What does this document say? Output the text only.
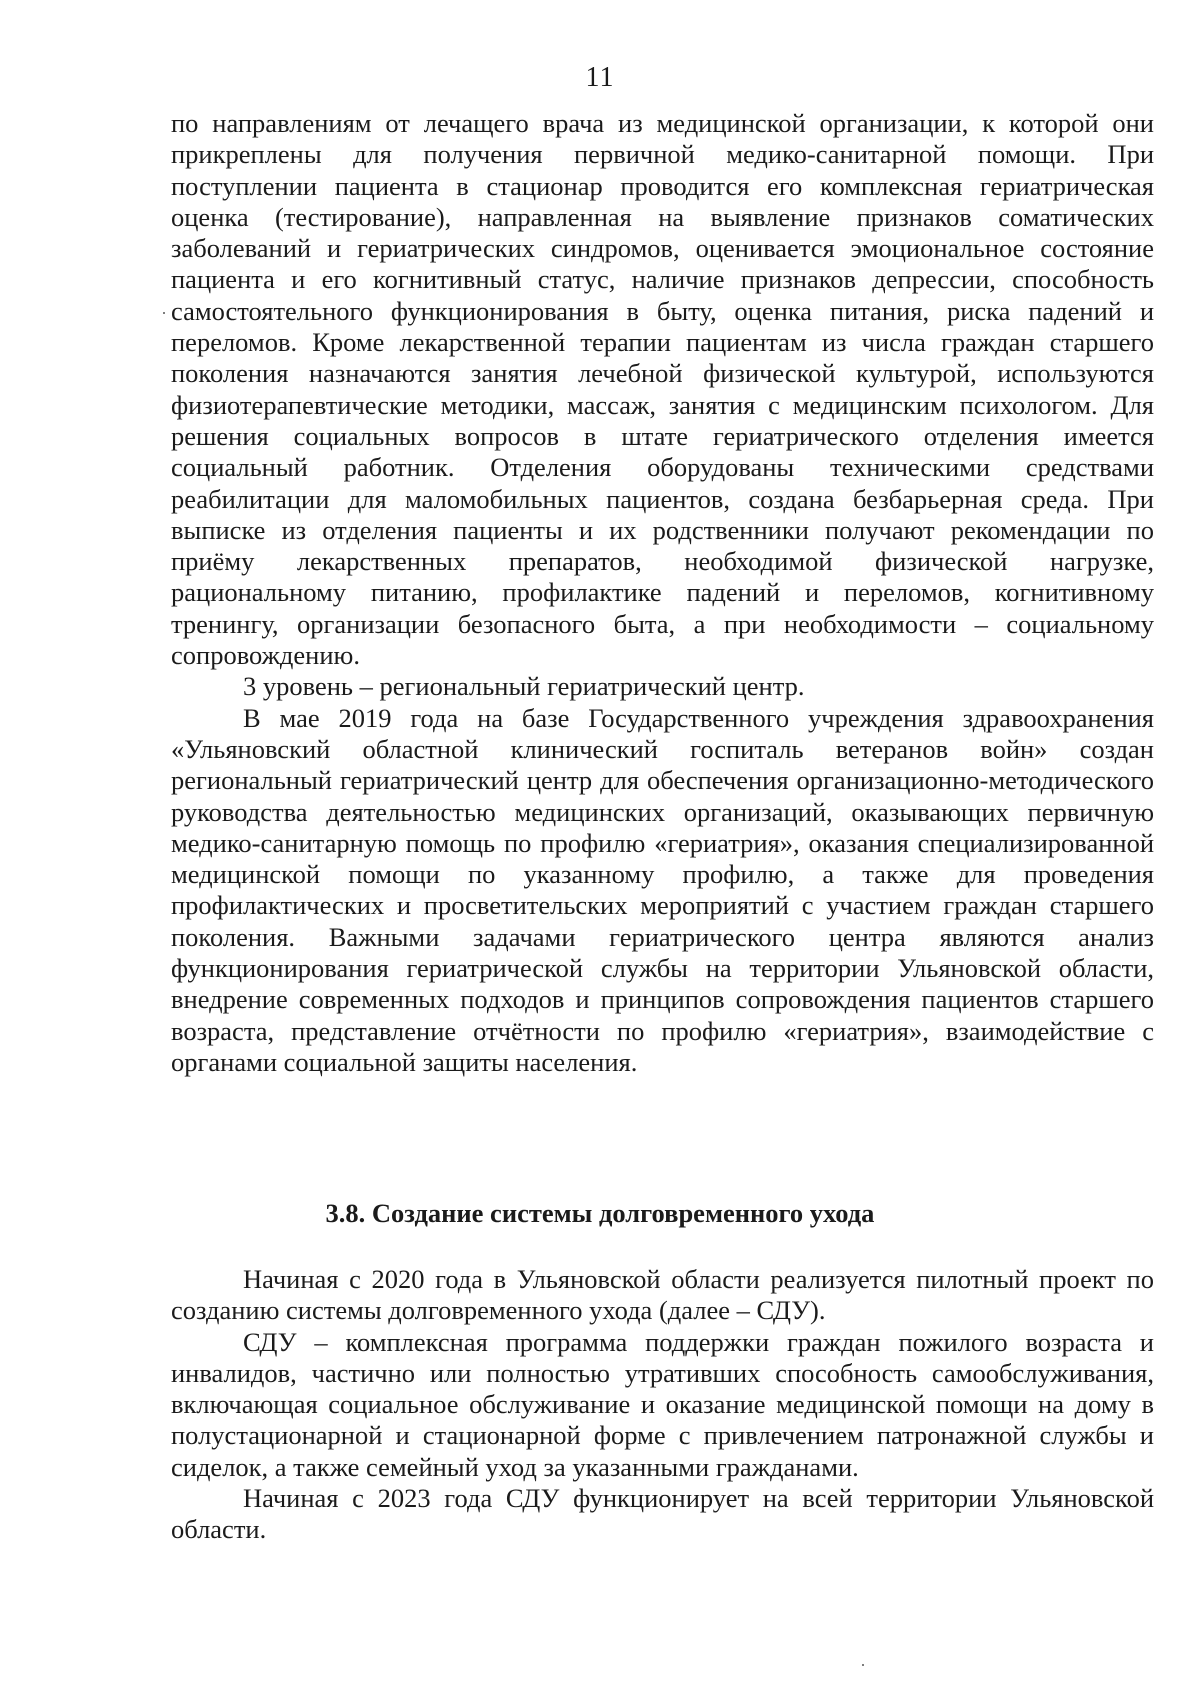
11

по направлениям от лечащего врача из медицинской организации, к которой они прикреплены для получения первичной медико-санитарной помощи. При поступлении пациента в стационар проводится его комплексная гериатрическая оценка (тестирование), направленная на выявление признаков соматических заболеваний и гериатрических синдромов, оценивается эмоциональное состояние пациента и его когнитивный статус, наличие признаков депрессии, способность самостоятельного функционирования в быту, оценка питания, риска падений и переломов. Кроме лекарственной терапии пациентам из числа граждан старшего поколения назначаются занятия лечебной физической культурой, используются физиотерапевтические методики, массаж, занятия с медицинским психологом. Для решения социальных вопросов в штате гериатрического отделения имеется социальный работник. Отделения оборудованы техническими средствами реабилитации для маломобильных пациентов, создана безбарьерная среда. При выписке из отделения пациенты и их родственники получают рекомендации по приёму лекарственных препаратов, необходимой физической нагрузке, рациональному питанию, профилактике падений и переломов, когнитивному тренингу, организации безопасного быта, а при необходимости – социальному сопровождению.

3 уровень – региональный гериатрический центр.

В мае 2019 года на базе Государственного учреждения здравоохранения «Ульяновский областной клинический госпиталь ветеранов войн» создан региональный гериатрический центр для обеспечения организационно-методического руководства деятельностью медицинских организаций, оказывающих первичную медико-санитарную помощь по профилю «гериатрия», оказания специализированной медицинской помощи по указанному профилю, а также для проведения профилактических и просветительских мероприятий с участием граждан старшего поколения. Важными задачами гериатрического центра являются анализ функционирования гериатрической службы на территории Ульяновской области, внедрение современных подходов и принципов сопровождения пациентов старшего возраста, представление отчётности по профилю «гериатрия», взаимодействие с органами социальной защиты населения.

3.8. Создание системы долговременного ухода

Начиная с 2020 года в Ульяновской области реализуется пилотный проект по созданию системы долговременного ухода (далее – СДУ).

СДУ – комплексная программа поддержки граждан пожилого возраста и инвалидов, частично или полностью утративших способность самообслуживания, включающая социальное обслуживание и оказание медицинской помощи на дому в полустационарной и стационарной форме с привлечением патронажной службы и сиделок, а также семейный уход за указанными гражданами.

Начиная с 2023 года СДУ функционирует на всей территории Ульяновской области.
